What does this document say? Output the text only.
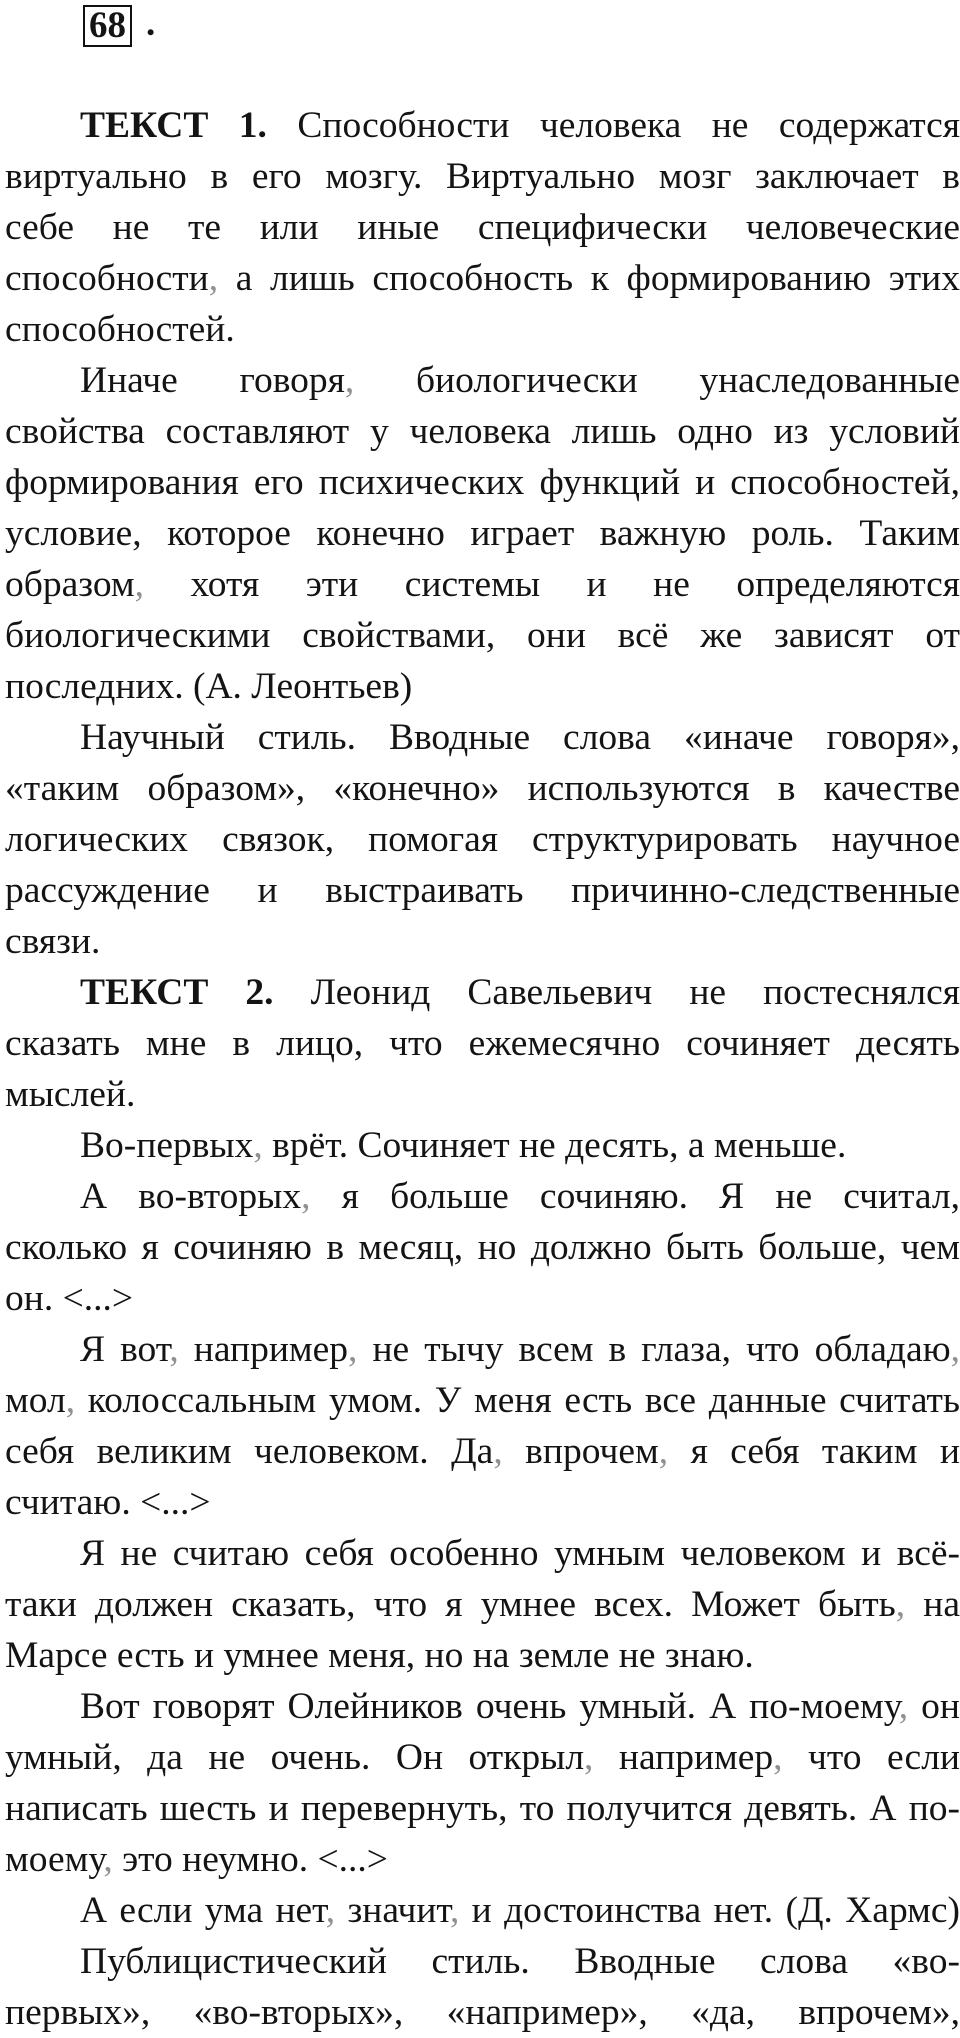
68 .
ТЕКСТ 1. Способности человека не содержатся
виртуально в его мозгу. Виртуально мозг заключает в
себе не те или иные специфически человеческие
способности, а лишь способность к формированию этих
способностей.
Иначе говоря, биологически унаследованные
свойства составляют у человека лишь одно из условий
формирования его психических функций и способностей,
условие, которое конечно играет важную роль. Таким
образом, хотя эти системы и не определяются
биологическими свойствами, они всё же зависят от
последних. (А. Леонтьев)
Научный стиль. Вводные слова «иначе говоря»,
«таким образом», «конечно» используются в качестве
логических связок, помогая структурировать научное
рассуждение и выстраивать причинно-следственные
связи.
ТЕКСТ 2. Леонид Савельевич не постеснялся
сказать мне в лицо, что ежемесячно сочиняет десять
мыслей.
Во-первых, врёт. Сочиняет не десять, а меньше.
А во-вторых, я больше сочиняю. Я не считал,
сколько я сочиняю в месяц, но должно быть больше, чем
он. <...>
Я вот, например, не тычу всем в глаза, что обладаю,
мол, колоссальным умом. У меня есть все данные считать
себя великим человеком. Да, впрочем, я себя таким и
считаю. <...>
Я не считаю себя особенно умным человеком и всё-
таки должен сказать, что я умнее всех. Может быть, на
Марсе есть и умнее меня, но на земле не знаю.
Вот говорят Олейников очень умный. А по-моему, он
умный, да не очень. Он открыл, например, что если
написать шесть и перевернуть, то получится девять. А по-
моему, это неумно. <...>
А если ума нет, значит, и достоинства нет. (Д. Хармс)
Публицистический стиль. Вводные слова «во-
первых», «во-вторых», «например», «да, впрочем»,
